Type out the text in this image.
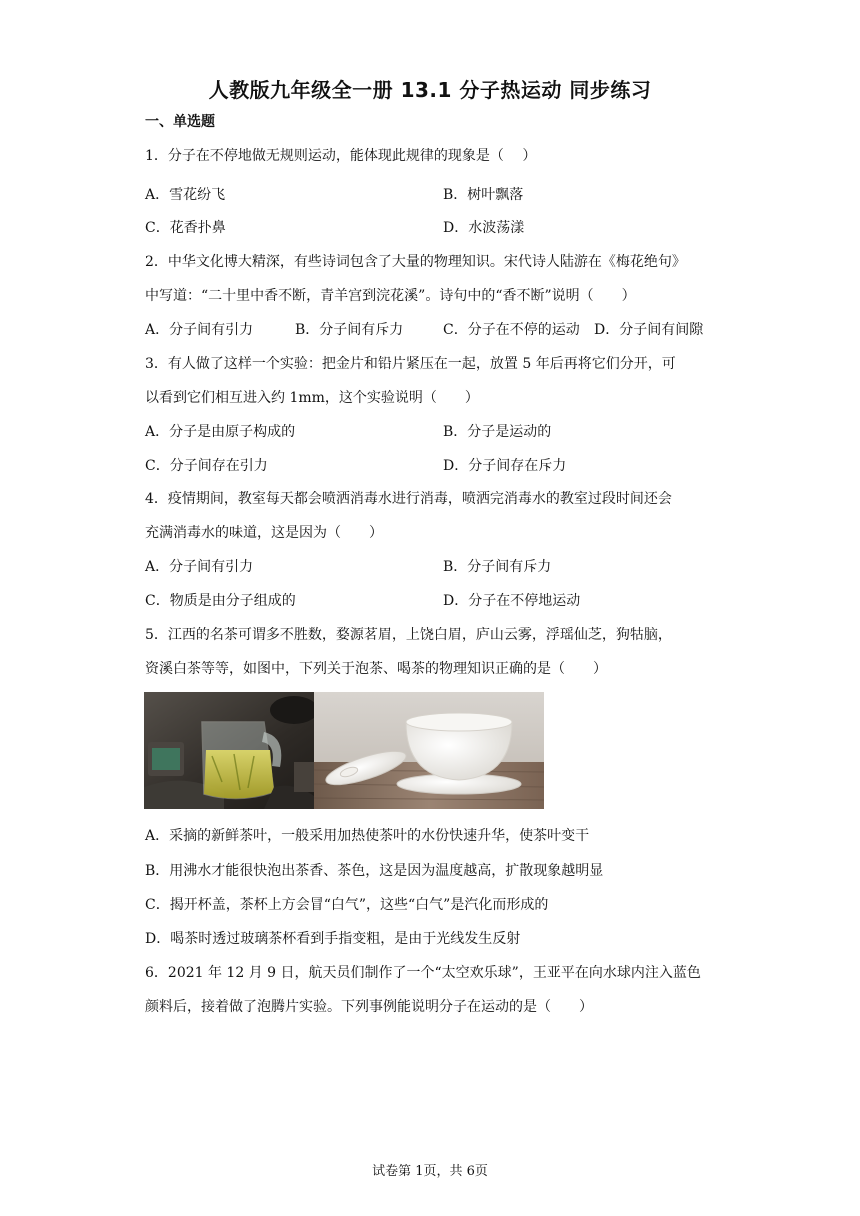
人教版九年级全一册 13.1 分子热运动 同步练习
一、单选题
1．分子在不停地做无规则运动，能体现此规律的现象是（　 ）
A．雪花纷飞	B．树叶飘落
C．花香扑鼻	D．水波荡漾
2．中华文化博大精深，有些诗词包含了大量的物理知识。宋代诗人陆游在《梅花绝句》
中写道：“二十里中香不断，青羊宫到浣花溪”。诗句中的“香不断”说明（　　）
A．分子间有引力	B．分子间有斥力	C．分子在不停的运动 D．分子间有间隙
3．有人做了这样一个实验：把金片和铅片紧压在一起，放置 5 年后再将它们分开，可
以看到它们相互进入约 1mm，这个实验说明（　　）
A．分子是由原子构成的	B．分子是运动的
C．分子间存在引力	D．分子间存在斥力
4．疫情期间，教室每天都会喷洒消毒水进行消毒，喷洒完消毒水的教室过段时间还会
充满消毒水的味道，这是因为（　　）
A．分子间有引力	B．分子间有斥力
C．物质是由分子组成的	D．分子在不停地运动
5．江西的名茶可谓多不胜数，婺源茗眉，上饶白眉，庐山云雾，浮瑶仙芝，狗牯脑，
资溪白茶等等，如图中，下列关于泡茶、喝茶的物理知识正确的是（　　）
A．采摘的新鲜茶叶，一般采用加热使茶叶的水份快速升华，使茶叶变干
B．用沸水才能很快泡出茶香、茶色，这是因为温度越高，扩散现象越明显
C．揭开杯盖，茶杯上方会冒“白气”，这些“白气”是汽化而形成的
D．喝茶时透过玻璃茶杯看到手指变粗，是由于光线发生反射
6．2021 年 12 月 9 日，航天员们制作了一个“太空欢乐球”，王亚平在向水球内注入蓝色
颜料后，接着做了泡腾片实验。下列事例能说明分子在运动的是（　　）
试卷第 1页，共 6页
